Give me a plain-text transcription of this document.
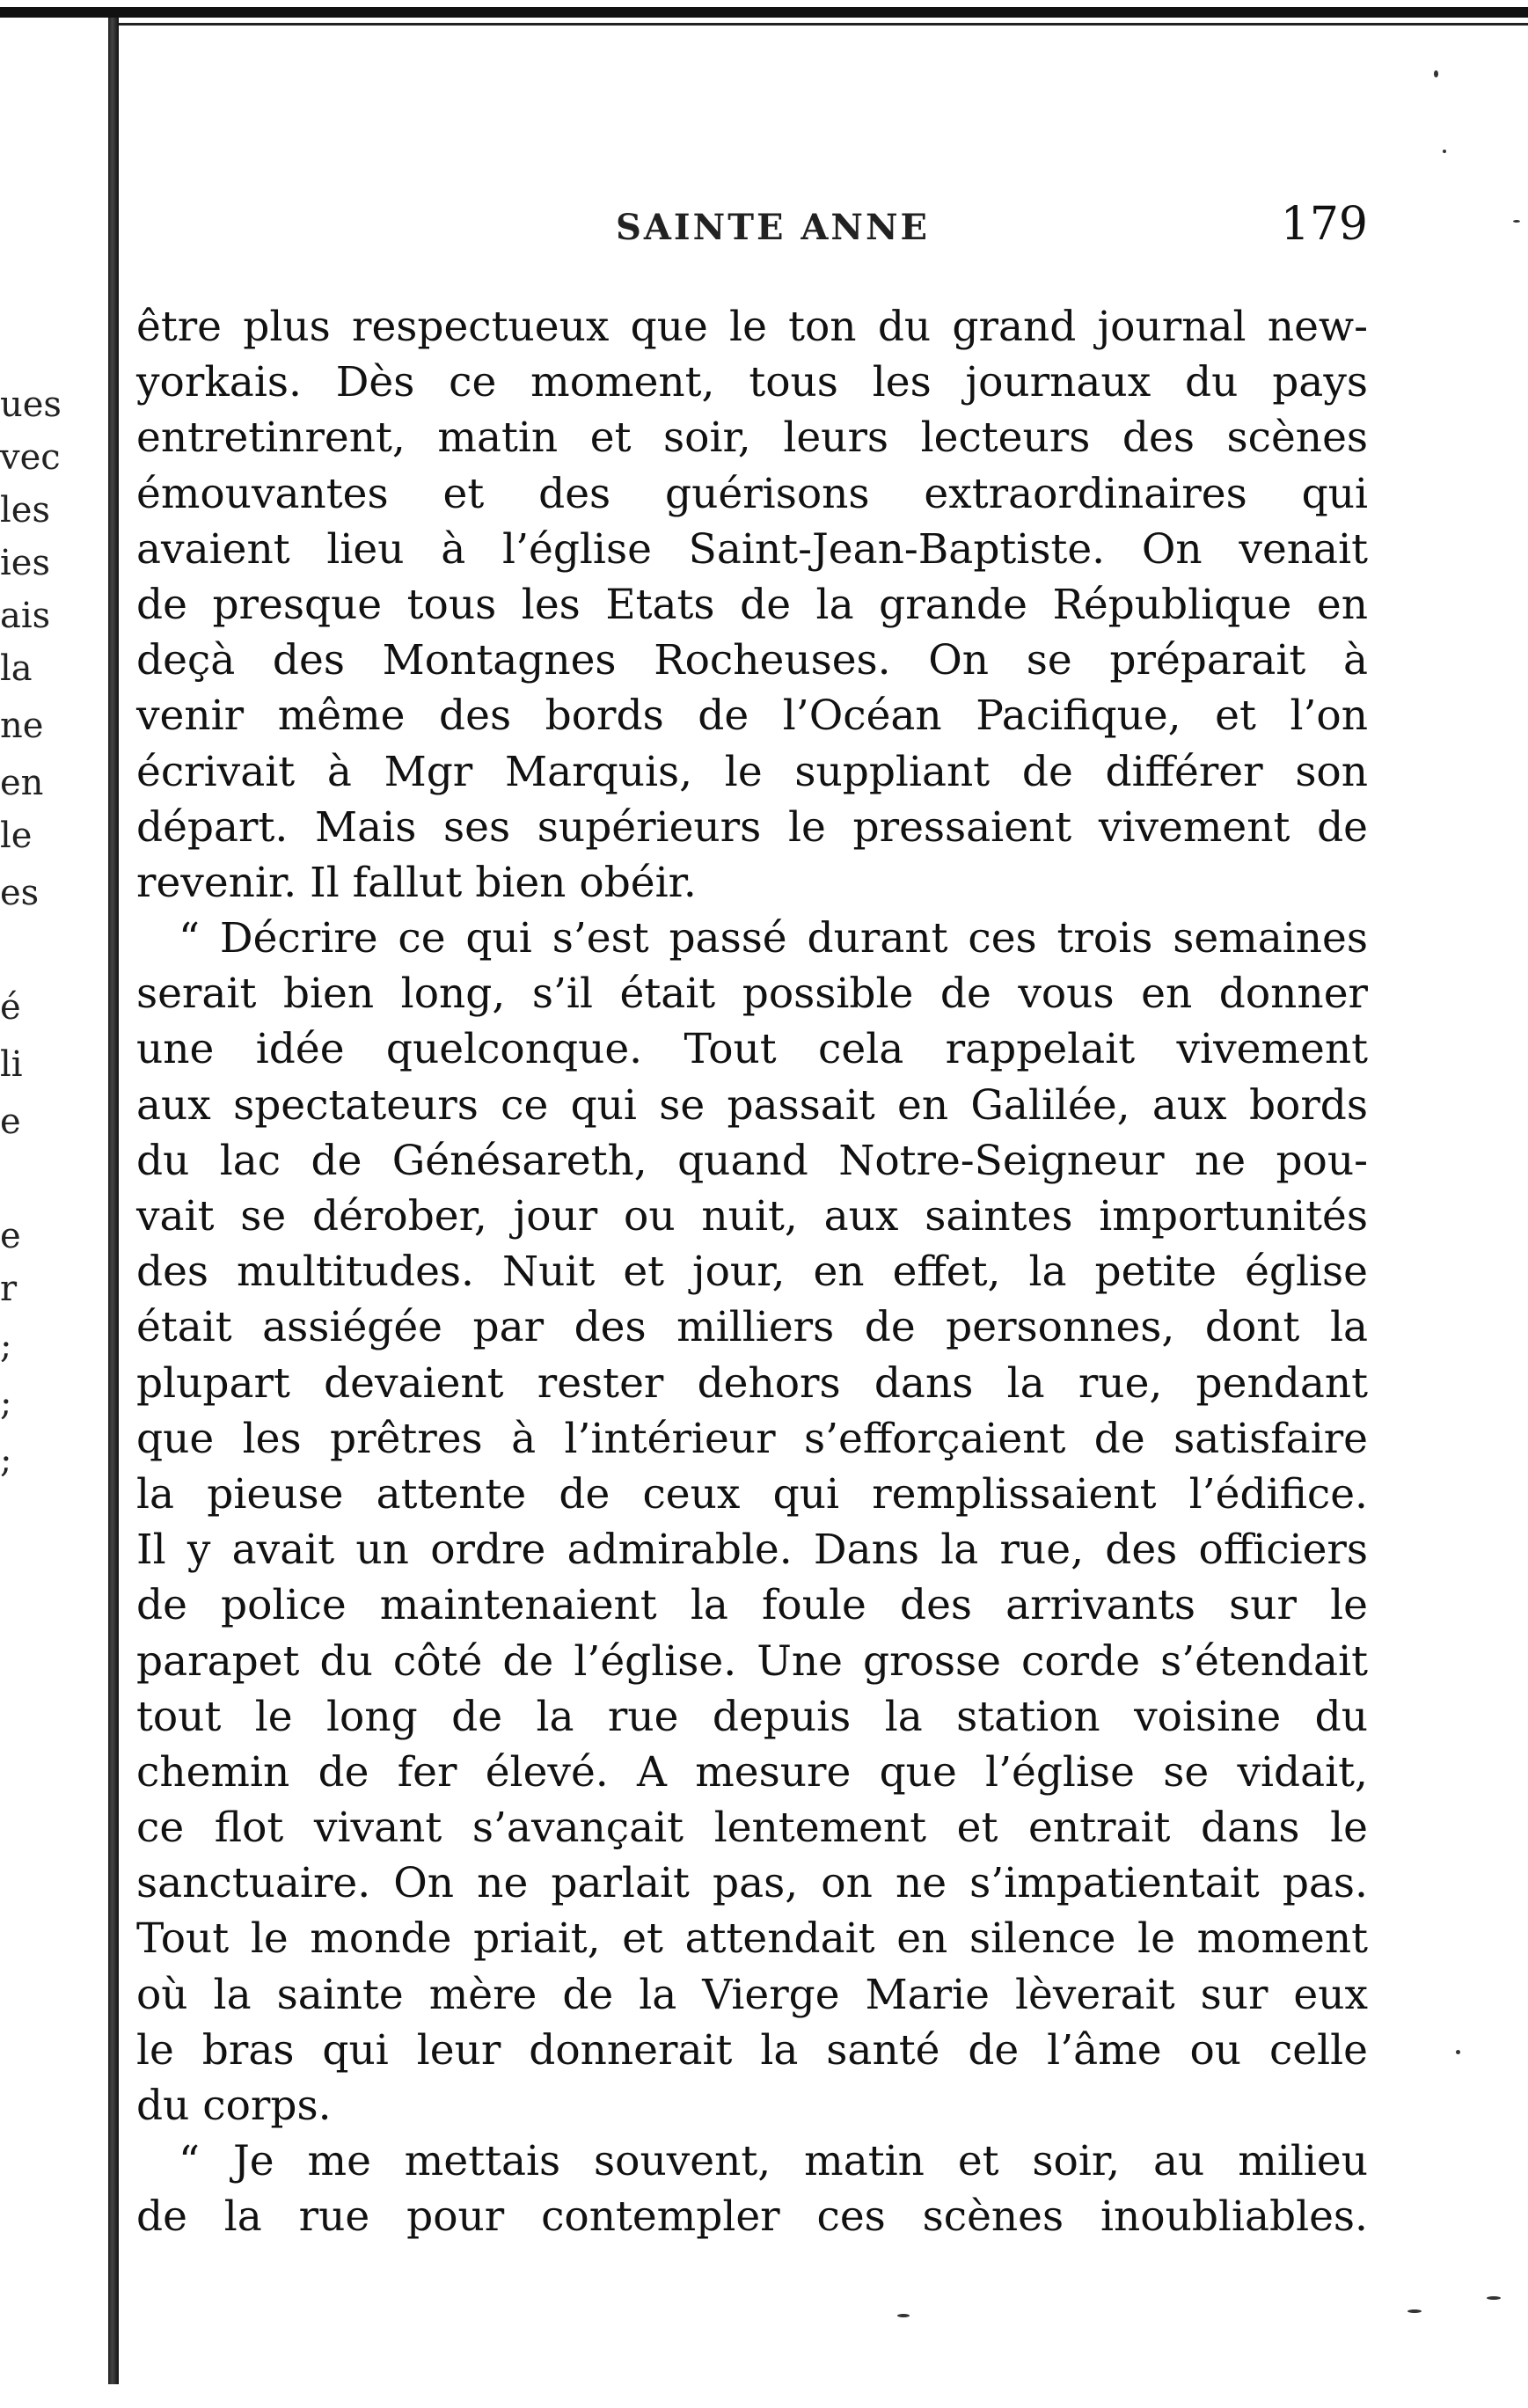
ues
vec
les
ies
ais
la
ne
en
le
es
é
li
e
e
r
;
;
;
SAINTE ANNE	179
être plus respectueux que le ton du grand journal new-
yorkais. Dès ce moment, tous les journaux du pays
entretinrent, matin et soir, leurs lecteurs des scènes
émouvantes et des guérisons extraordinaires qui
avaient lieu à l’église Saint-Jean-Baptiste. On venait
de presque tous les Etats de la grande République en
deçà des Montagnes Rocheuses. On se préparait à
venir même des bords de l’Océan Pacifique, et l’on
écrivait à Mgr Marquis, le suppliant de différer son
départ. Mais ses supérieurs le pressaient vivement de
revenir. Il fallut bien obéir.
“ Décrire ce qui s’est passé durant ces trois semaines
serait bien long, s’il était possible de vous en donner
une idée quelconque. Tout cela rappelait vivement
aux spectateurs ce qui se passait en Galilée, aux bords
du lac de Génésareth, quand Notre-Seigneur ne pou-
vait se dérober, jour ou nuit, aux saintes importunités
des multitudes. Nuit et jour, en effet, la petite église
était assiégée par des milliers de personnes, dont la
plupart devaient rester dehors dans la rue, pendant
que les prêtres à l’intérieur s’efforçaient de satisfaire
la pieuse attente de ceux qui remplissaient l’édifice.
Il y avait un ordre admirable. Dans la rue, des officiers
de police maintenaient la foule des arrivants sur le
parapet du côté de l’église. Une grosse corde s’étendait
tout le long de la rue depuis la station voisine du
chemin de fer élevé. A mesure que l’église se vidait,
ce flot vivant s’avançait lentement et entrait dans le
sanctuaire. On ne parlait pas, on ne s’impatientait pas.
Tout le monde priait, et attendait en silence le moment
où la sainte mère de la Vierge Marie lèverait sur eux
le bras qui leur donnerait la santé de l’âme ou celle
du corps.
“ Je me mettais souvent, matin et soir, au milieu
de la rue pour contempler ces scènes inoubliables.
